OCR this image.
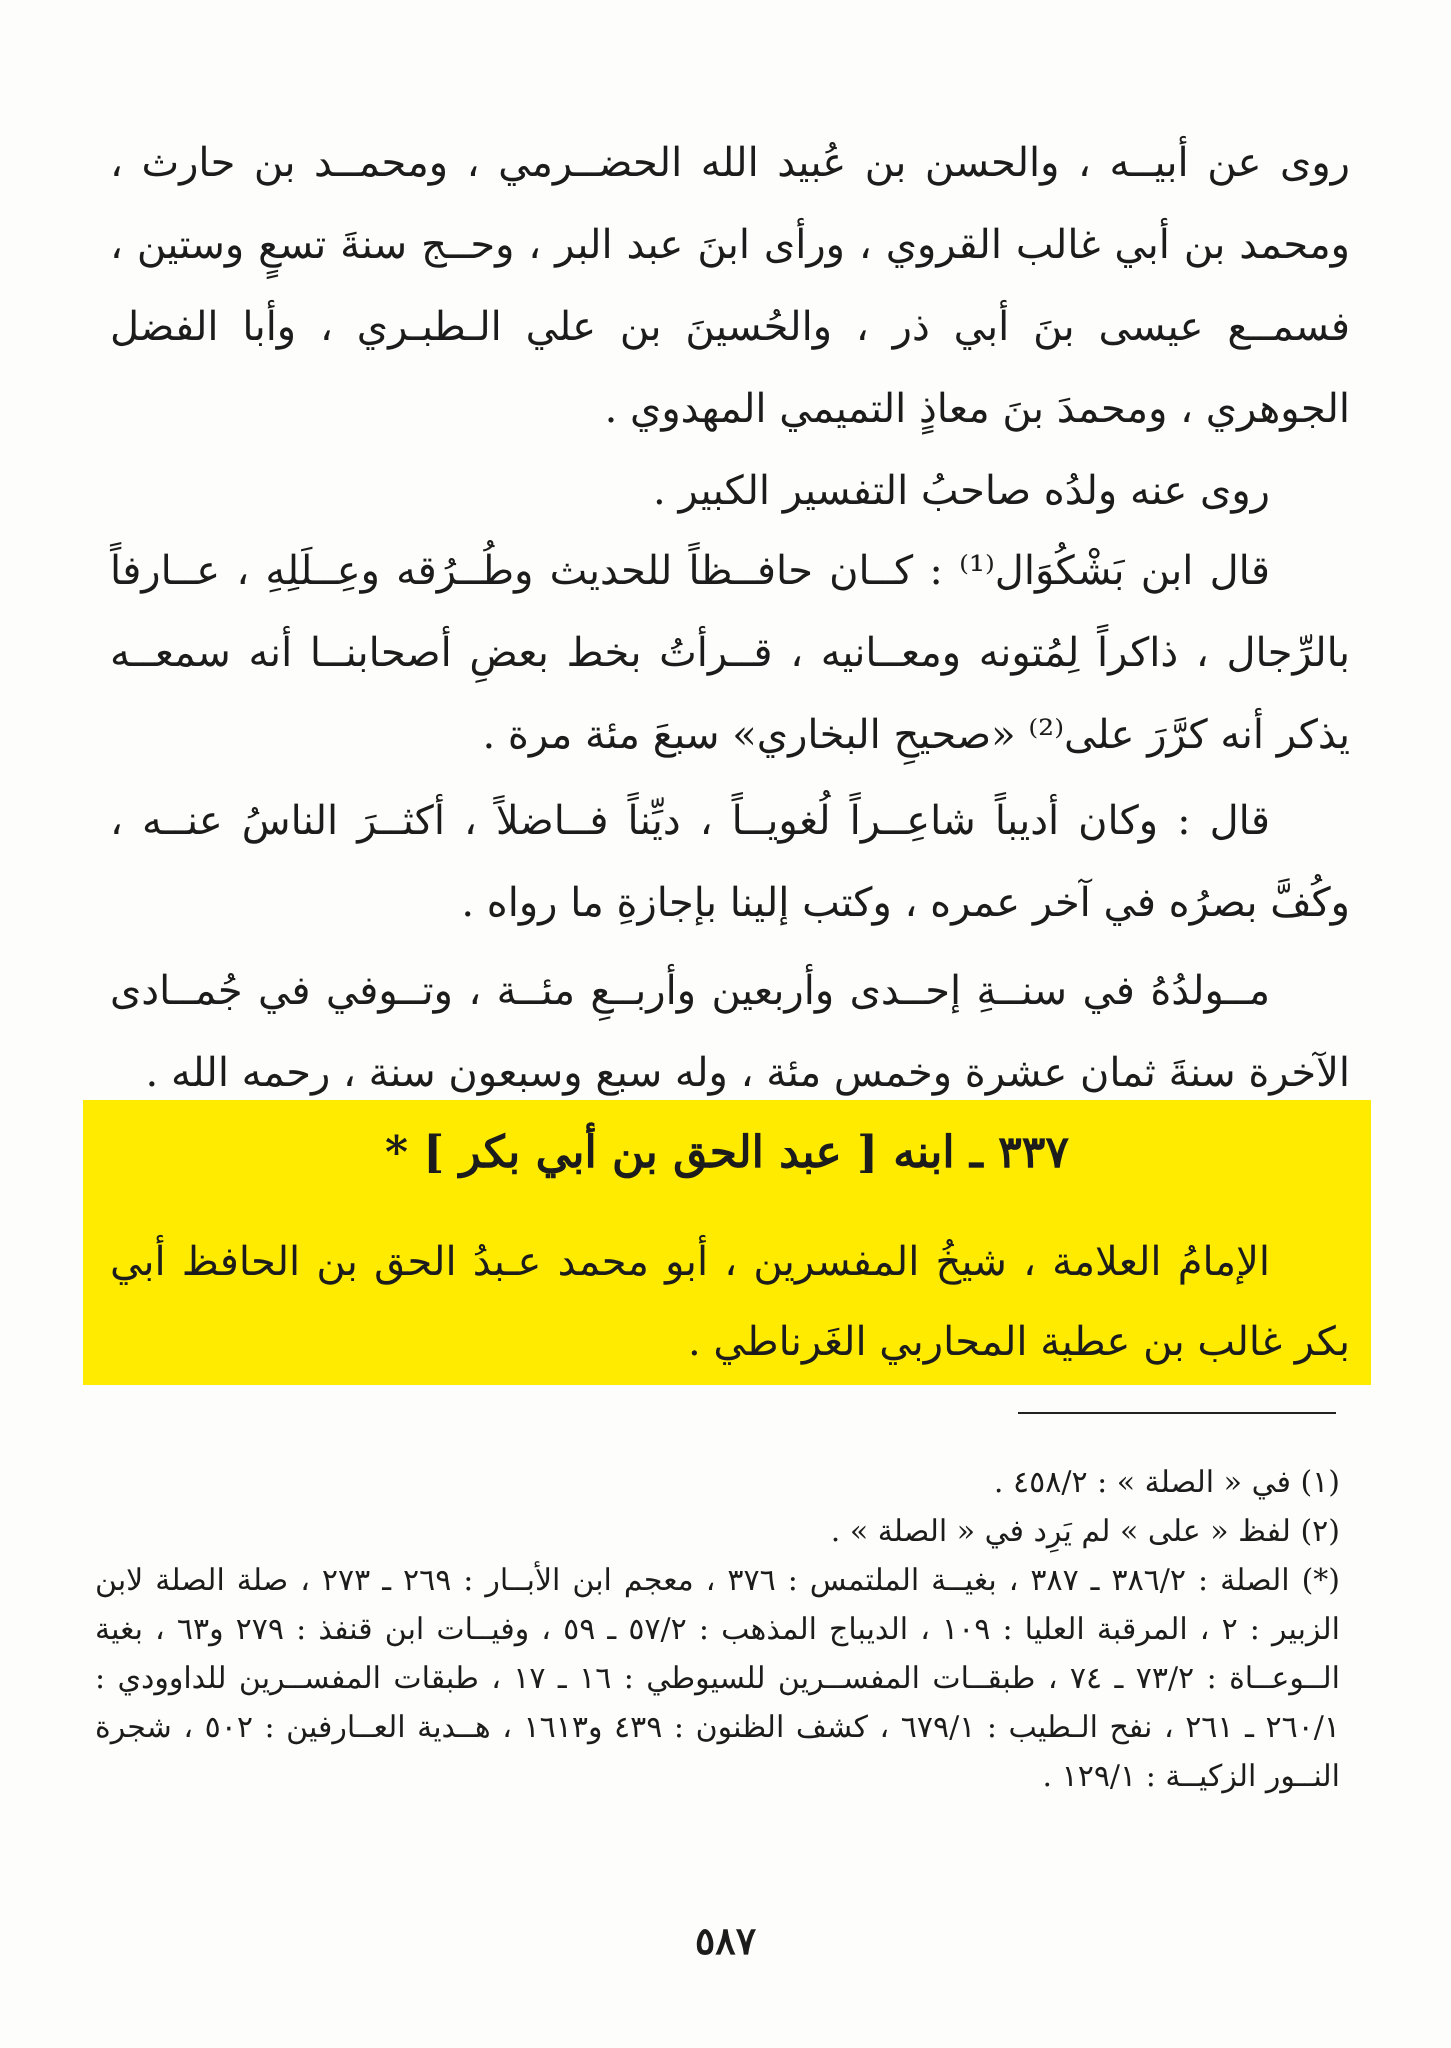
روى عن أبيــه ، والحسن بن عُبيد الله الحضــرمي ، ومحمــد بن حارث ، ومحمد بن أبي غالب القروي ، ورأى ابنَ عبد البر ، وحــج سنةَ تسعٍ وستين ، فسمــع عيسى بنَ أبي ذر ، والحُسينَ بن علي الـطبـري ، وأبا الفضل الجوهري ، ومحمدَ بنَ معاذٍ التميمي المهدوي .

روى عنه ولدُه صاحبُ التفسير الكبير .

قال ابن بَشْكُوَال⁽¹⁾ : كــان حافــظاً للحديث وطُــرُقه وعِــلَلِهِ ، عــارفاً بالرِّجال ، ذاكراً لِمُتونه ومعــانيه ، قــرأتُ بخط بعضِ أصحابنــا أنه سمعــه يذكر أنه كرَّرَ على⁽²⁾ «صحيحِ البخاري» سبعَ مئة مرة .

قال : وكان أديباً شاعِــراً لُغويــاً ، ديِّناً فــاضلاً ، أكثــرَ الناسُ عنــه ، وكُفَّ بصرُه في آخر عمره ، وكتب إلينا بإجازةِ ما رواه .

مــولدُهُ في سنــةِ إحــدى وأربعين وأربــعِ مئــة ، وتــوفي في جُمــادى الآخرة سنةَ ثمان عشرة وخمس مئة ، وله سبع وسبعون سنة ، رحمه الله .

٣٣٧ ـ ابنه [ عبد الحق بن أبي بكر ] *

الإمامُ العلامة ، شيخُ المفسرين ، أبو محمد عـبدُ الحق بن الحافظ أبي بكر غالب بن عطية المحاربي الغَرناطي .

(١) في « الصلة » : ٤٥٨/٢ .

(٢) لفظ « على » لم يَرِد في « الصلة » .

(*) الصلة : ٣٨٦/٢ ـ ٣٨٧ ، بغيــة الملتمس : ٣٧٦ ، معجم ابن الأبــار : ٢٦٩ ـ ٢٧٣ ، صلة الصلة لابن الزبير : ٢ ، المرقبة العليا : ١٠٩ ، الديباج المذهب : ٥٧/٢ ـ ٥٩ ، وفيــات ابن قنفذ : ٢٧٩ و٦٣ ، بغية الــوعــاة : ٧٣/٢ ـ ٧٤ ، طبقــات المفســرين للسيوطي : ١٦ ـ ١٧ ، طبقات المفســرين للداوودي : ٢٦٠/١ ـ ٢٦١ ، نفح الـطيب : ٦٧٩/١ ، كشف الظنون : ٤٣٩ و١٦١٣ ، هــدية العــارفين : ٥٠٢ ، شجرة النــور الزكيــة : ١٢٩/١ .

٥٨٧
